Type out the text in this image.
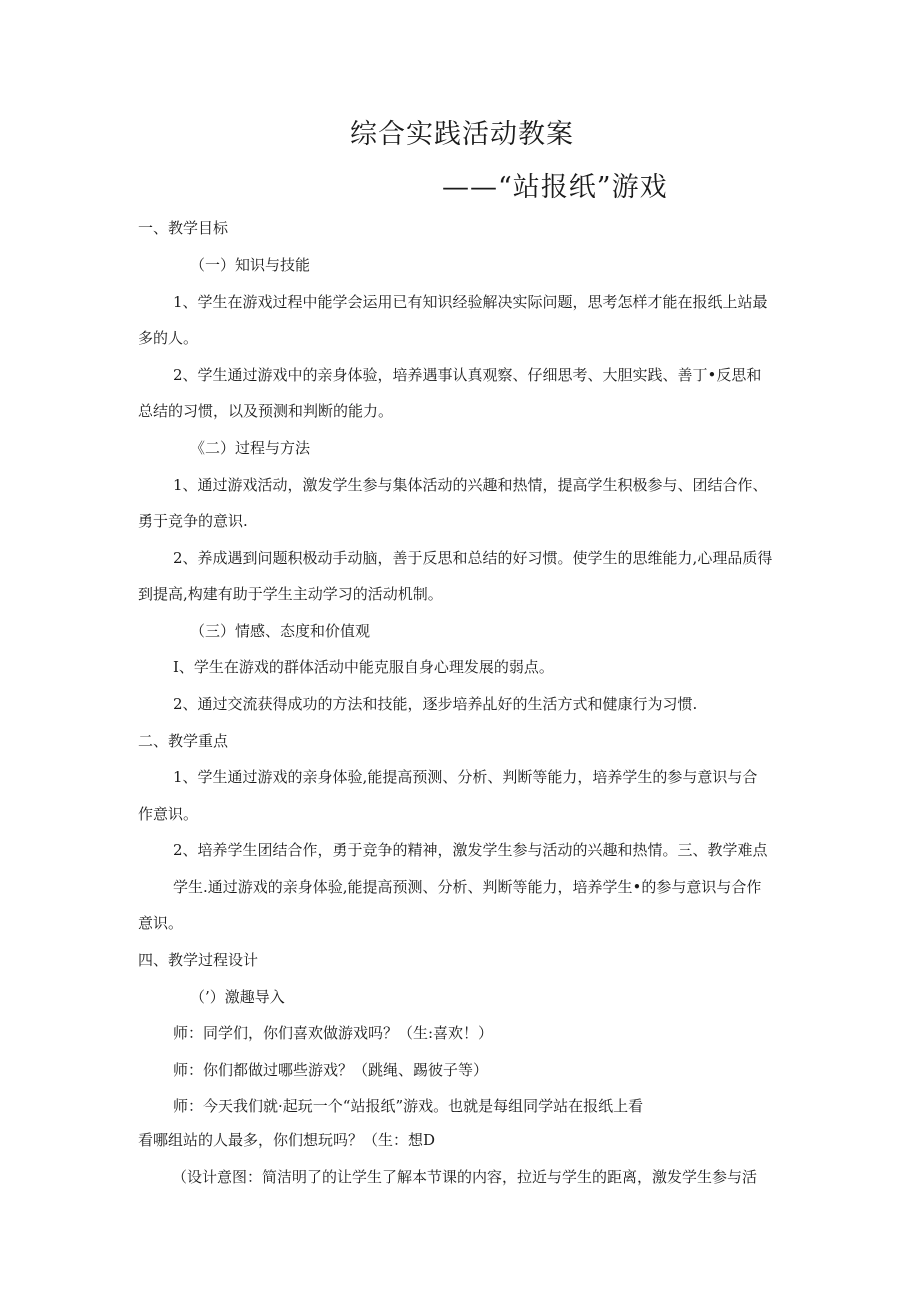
综合实践活动教案
——“站报纸”游戏
一、教学目标
（一）知识与技能
1、学生在游戏过程中能学会运用已有知识经验解决实际问题，思考怎样才能在报纸上站最
多的人。
2、学生通过游戏中的亲身体验，培养遇事认真观察、仔细思考、大胆实践、善丁•反思和
总结的习惯，以及预测和判断的能力。
《二）过程与方法
1、通过游戏活动，激发学生参与集体活动的兴趣和热情，提高学生积极参与、团结合作、
勇于竞争的意识.
2、养成遇到问题积极动手动脑，善于反思和总结的好习惯。使学生的思维能力,心理品质得
到提高,构建有助于学生主动学习的活动机制。
（三）情感、态度和价值观
I、学生在游戏的群体活动中能克服自身心理发展的弱点。
2、通过交流获得成功的方法和技能，逐步培养乩好的生活方式和健康行为习惯.
二、教学重点
1、学生通过游戏的亲身体验,能提高预测、分析、判断等能力，培养学生的参与意识与合
作意识。
2、培养学生团结合作，勇于竞争的精神，激发学生参与活动的兴趣和热情。三、教学难点
学生.通过游戏的亲身体验,能提高预测、分析、判断等能力，培养学生•的参与意识与合作
意识。
四、教学过程设计
（’）激趣导入
师：同学们，你们喜欢做游戏吗？（生:喜欢！）
师：你们都做过哪些游戏？（跳绳、踢彼子等）
师：今天我们就·起玩一个“站报纸”游戏。也就是每组同学站在报纸上看
看哪组站的人最多，你们想玩吗？（生：想D
（设计意图：简洁明了的让学生了解本节课的内容，拉近与学生的距离，激发学生参与活
